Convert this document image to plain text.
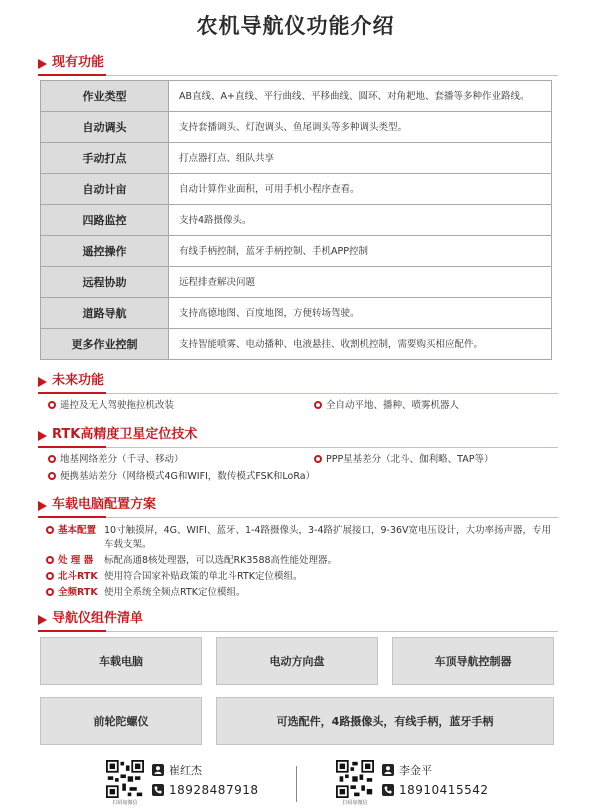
农机导航仪功能介绍
现有功能
作业类型	AB直线、A+直线、平行曲线、平移曲线、圆环、对角耙地、套播等多种作业路线。
自动调头	支持套播调头、灯泡调头、鱼尾调头等多种调头类型。
手动打点	打点器打点、组队共享
自动计亩	自动计算作业面积，可用手机小程序查看。
四路监控	支持4路摄像头。
遥控操作	有线手柄控制，蓝牙手柄控制、手机APP控制
远程协助	远程排查解决问题
道路导航	支持高德地图、百度地图，方便转场驾驶。
更多作业控制	支持智能喷雾、电动播种、电液悬挂、收割机控制，需要购买相应配件。
未来功能
遥控及无人驾驶拖拉机改装	全自动平地、播种、喷雾机器人
RTK高精度卫星定位技术
地基网络差分（千寻、移动）	PPP星基差分（北斗、伽利略、TAP等）
便携基站差分（网络模式4G和WIFI，数传模式FSK和LoRa）
车载电脑配置方案
基本配置 10寸触摸屏，4G、WIFI、蓝牙、1-4路摄像头，3-4路扩展接口，9-36V宽电压设计，大功率扬声器，专用车载支架。
处 理 器 标配高通8核处理器，可以选配RK3588高性能处理器。
北斗RTK 使用符合国家补贴政策的单北斗RTK定位模组。
全频RTK 使用全系统全频点RTK定位模组。
导航仪组件清单
车载电脑	电动方向盘	车顶导航控制器
前轮陀螺仪	可选配件，4路摄像头，有线手柄，蓝牙手柄
扫码加微信
崔红杰
18928487918
扫码加微信
李金平
18910415542
